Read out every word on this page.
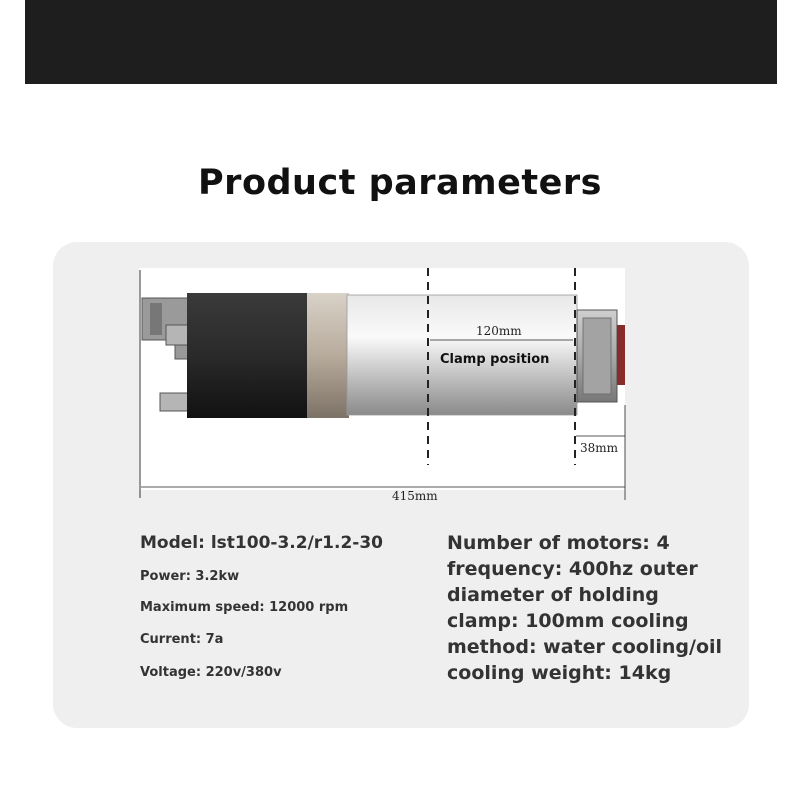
Product parameters
120mm
Clamp position
38mm
415mm
Model: lst100-3.2/r1.2-30
Power: 3.2kw
Maximum speed: 12000 rpm
Current: 7a
Voltage: 220v/380v
Number of motors: 4
frequency: 400hz outer
diameter of holding
clamp: 100mm cooling
method: water cooling/oil
cooling weight: 14kg
